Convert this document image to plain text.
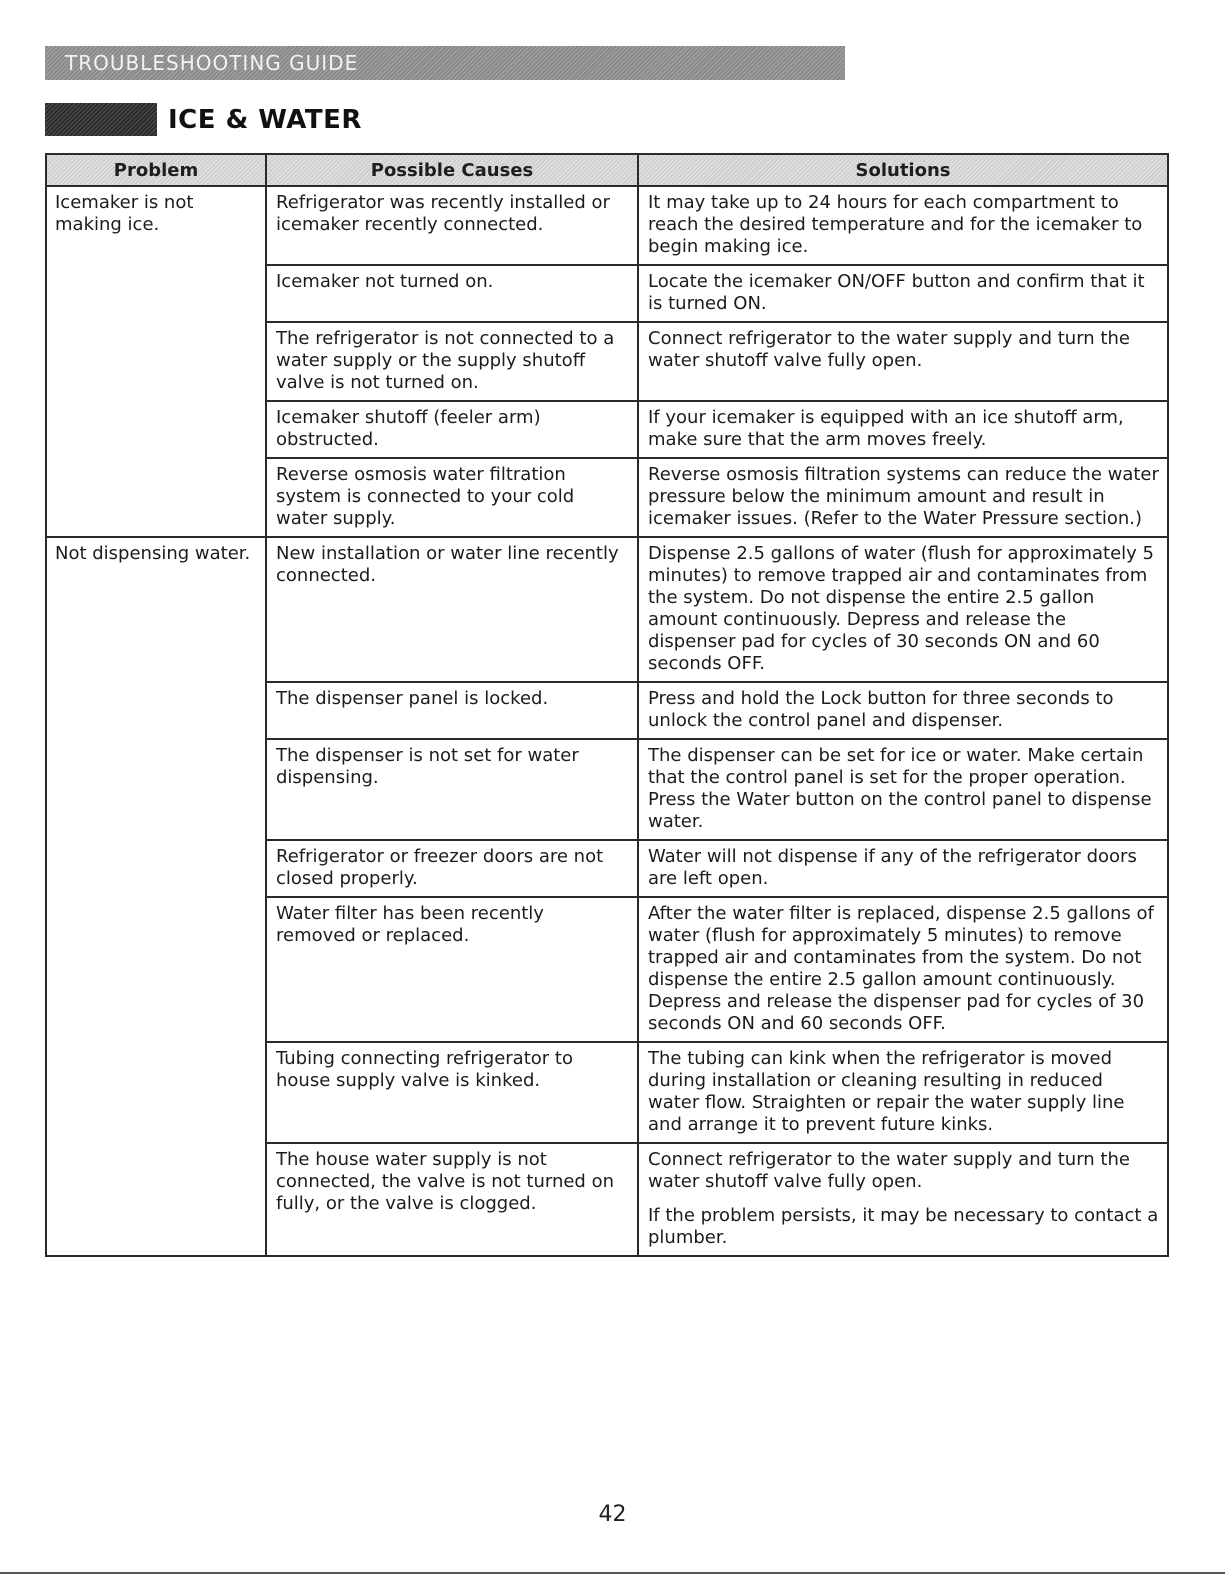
TROUBLESHOOTING GUIDE
ICE & WATER
Problem	Possible Causes	Solutions
Icemaker is not making ice.	Refrigerator was recently installed or icemaker recently connected.	It may take up to 24 hours for each compartment to reach the desired temperature and for the icemaker to begin making ice.

	Icemaker not turned on.	Locate the icemaker ON/OFF button and confirm that it is turned ON.

	The refrigerator is not connected to a water supply or the supply shutoff valve is not turned on.	Connect refrigerator to the water supply and turn the water shutoff valve fully open.

	Icemaker shutoff (feeler arm) obstructed.	If your icemaker is equipped with an ice shutoff arm, make sure that the arm moves freely.

	Reverse osmosis water filtration system is connected to your cold water supply.	Reverse osmosis filtration systems can reduce the water pressure below the minimum amount and result in icemaker issues. (Refer to the Water Pressure section.)

Not dispensing water.	New installation or water line recently connected.	Dispense 2.5 gallons of water (flush for approximately 5 minutes) to remove trapped air and contaminates from the system. Do not dispense the entire 2.5 gallon amount continuously. Depress and release the dispenser pad for cycles of 30 seconds ON and 60 seconds OFF.

	The dispenser panel is locked.	Press and hold the Lock button for three seconds to unlock the control panel and dispenser.

	The dispenser is not set for water dispensing.	The dispenser can be set for ice or water. Make certain that the control panel is set for the proper operation. Press the Water button on the control panel to dispense water.

	Refrigerator or freezer doors are not closed properly.	Water will not dispense if any of the refrigerator doors are left open.

	Water filter has been recently removed or replaced.	After the water filter is replaced, dispense 2.5 gallons of water (flush for approximately 5 minutes) to remove trapped air and contaminates from the system. Do not dispense the entire 2.5 gallon amount continuously. Depress and release the dispenser pad for cycles of 30 seconds ON and 60 seconds OFF.

	Tubing connecting refrigerator to house supply valve is kinked.	The tubing can kink when the refrigerator is moved during installation or cleaning resulting in reduced water flow. Straighten or repair the water supply line and arrange it to prevent future kinks.

	The house water supply is not connected, the valve is not turned on fully, or the valve is clogged.	Connect refrigerator to the water supply and turn the water shutoff valve fully open.
If the problem persists, it may be necessary to contact a plumber.
42
